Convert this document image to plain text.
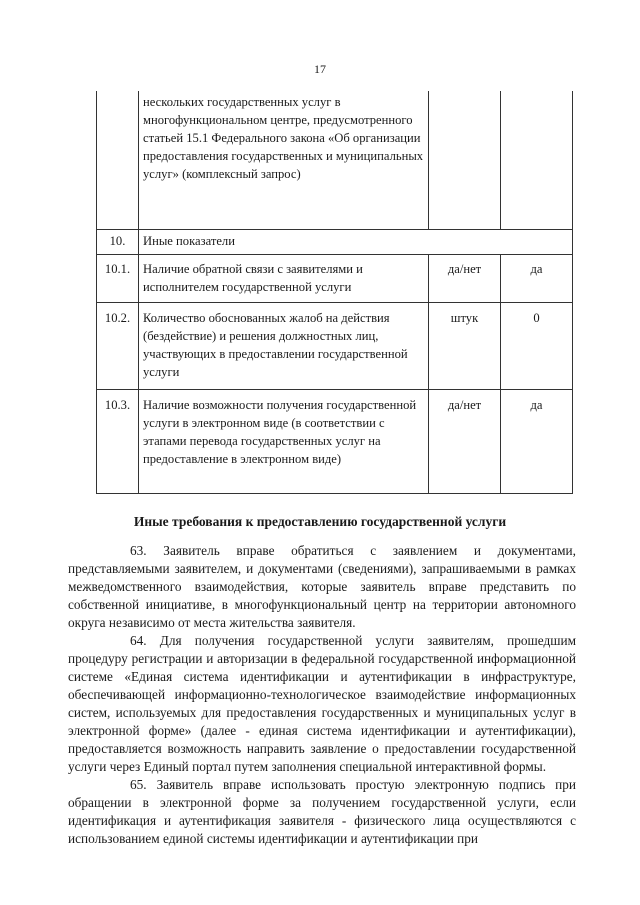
17
	нескольких государственных услуг в многофункциональном центре, предусмотренного статьей 15.1 Федерального закона «Об организации предоставления государственных и муниципальных услуг» (комплексный запрос)		
10.	Иные показатели		
10.1.	Наличие обратной связи с заявителями и исполнителем государственной услуги	да/нет	да
10.2.	Количество обоснованных жалоб на действия (бездействие) и решения должностных лиц, участвующих в предоставлении государственной услуги	штук	0
10.3.	Наличие возможности получения государственной услуги в электронном виде (в соответствии с этапами перевода государственных услуг на предоставление в электронном виде)	да/нет	да
Иные требования к предоставлению государственной услуги

63. Заявитель вправе обратиться с заявлением и документами, представляемыми заявителем, и документами (сведениями), запрашиваемыми в рамках межведомственного взаимодействия, которые заявитель вправе представить по собственной инициативе, в многофункциональный центр на территории автономного округа независимо от места жительства заявителя.

64. Для получения государственной услуги заявителям, прошедшим процедуру регистрации и авторизации в федеральной государственной информационной системе «Единая система идентификации и аутентификации в инфраструктуре, обеспечивающей информационно-технологическое взаимодействие информационных систем, используемых для предоставления государственных и муниципальных услуг в электронной форме» (далее - единая система идентификации и аутентификации), предоставляется возможность направить заявление о предоставлении государственной услуги через Единый портал путем заполнения специальной интерактивной формы.

65. Заявитель вправе использовать простую электронную подпись при обращении в электронной форме за получением государственной услуги, если идентификация и аутентификация заявителя - физического лица осуществляются с использованием единой системы идентификации и аутентификации при
